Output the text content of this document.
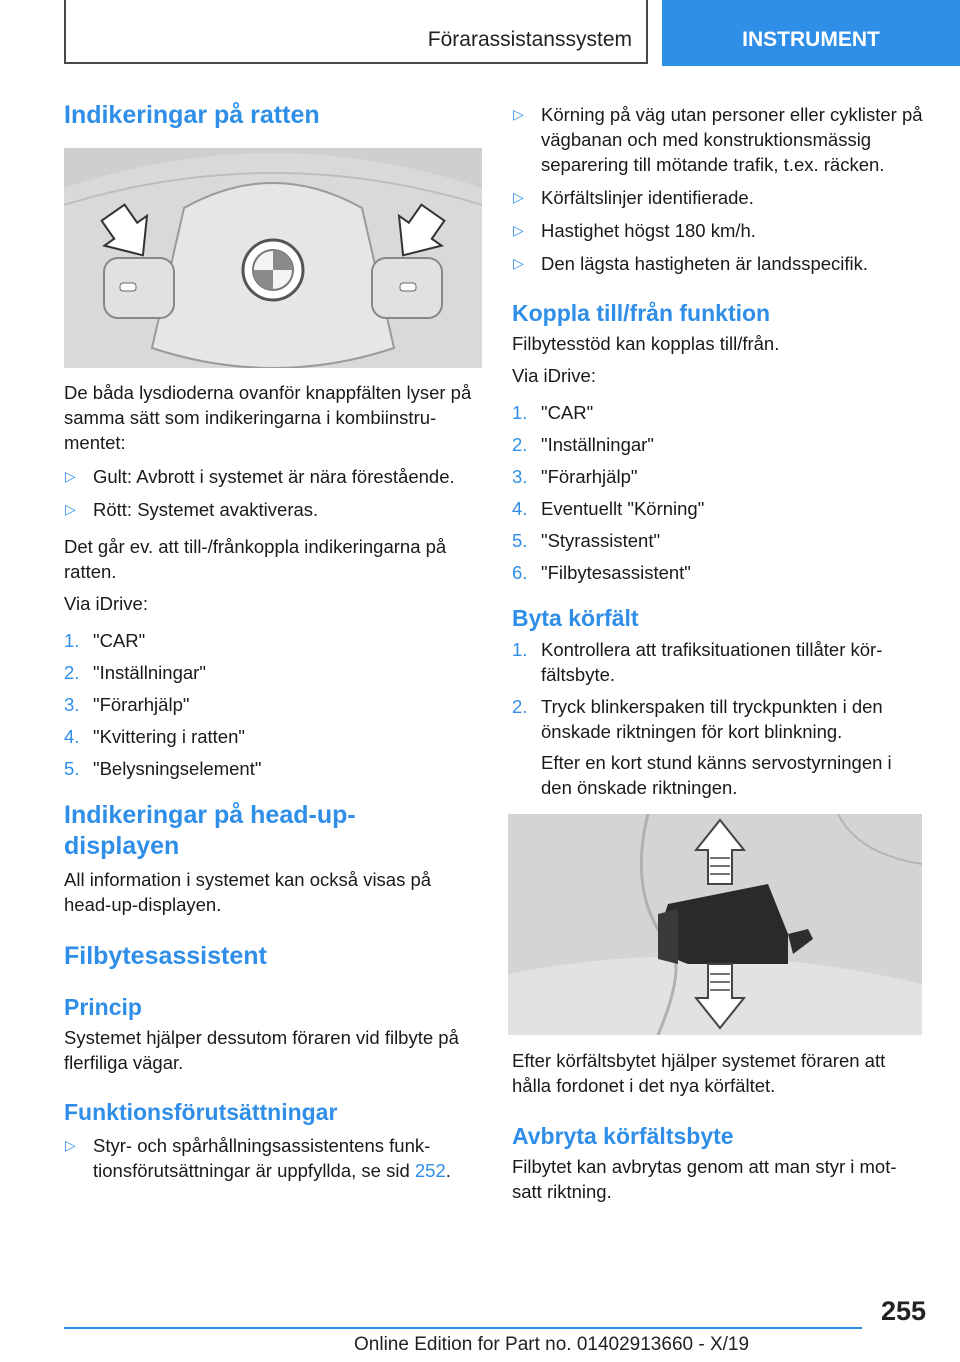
Förarassistanssystem	INSTRUMENT
Indikeringar på ratten

De båda lysdioderna ovanför knappfälten lyser på samma sätt som indikeringarna i kombiinstru-mentet:

▷ Gult: Avbrott i systemet är nära förestående.
▷ Rött: Systemet avaktiveras.

Det går ev. att till-/frånkoppla indikeringarna på ratten.

Via iDrive:

1. "CAR"
2. "Inställningar"
3. "Förarhjälp"
4. "Kvittering i ratten"
5. "Belysningselement"
Indikeringar på head-up-displayen

All information i systemet kan också visas på head-up-displayen.

Filbytesassistent
Princip

Systemet hjälper dessutom föraren vid filbyte på flerfiliga vägar.

Funktionsförutsättningar
▷ Styr- och spårhållningsassistentens funk-tionsförutsättningar är uppfyllda, se sid 252.
▷ Körning på väg utan personer eller cyklister på vägbanan och med konstruktionsmässig separering till mötande trafik, t.ex. räcken.
▷ Körfältslinjer identifierade.
▷ Hastighet högst 180 km/h.
▷ Den lägsta hastigheten är landsspecifik.
Koppla till/från funktion

Filbytesstöd kan kopplas till/från.

Via iDrive:

1. "CAR"
2. "Inställningar"
3. "Förarhjälp"
4. Eventuellt "Körning"
5. "Styrassistent"
6. "Filbytesassistent"
Byta körfält
1. Kontrollera att trafiksituationen tillåter kör-fältsbyte.
2. Tryck blinkerspaken till tryckpunkten i den önskade riktningen för kort blinkning.

Efter en kort stund känns servostyrningen i den önskade riktningen.

Efter körfältsbytet hjälper systemet föraren att hålla fordonet i det nya körfältet.

Avbryta körfältsbyte

Filbytet kan avbrytas genom att man styr i mot-satt riktning.

255
Online Edition for Part no. 01402913660 - X/19
